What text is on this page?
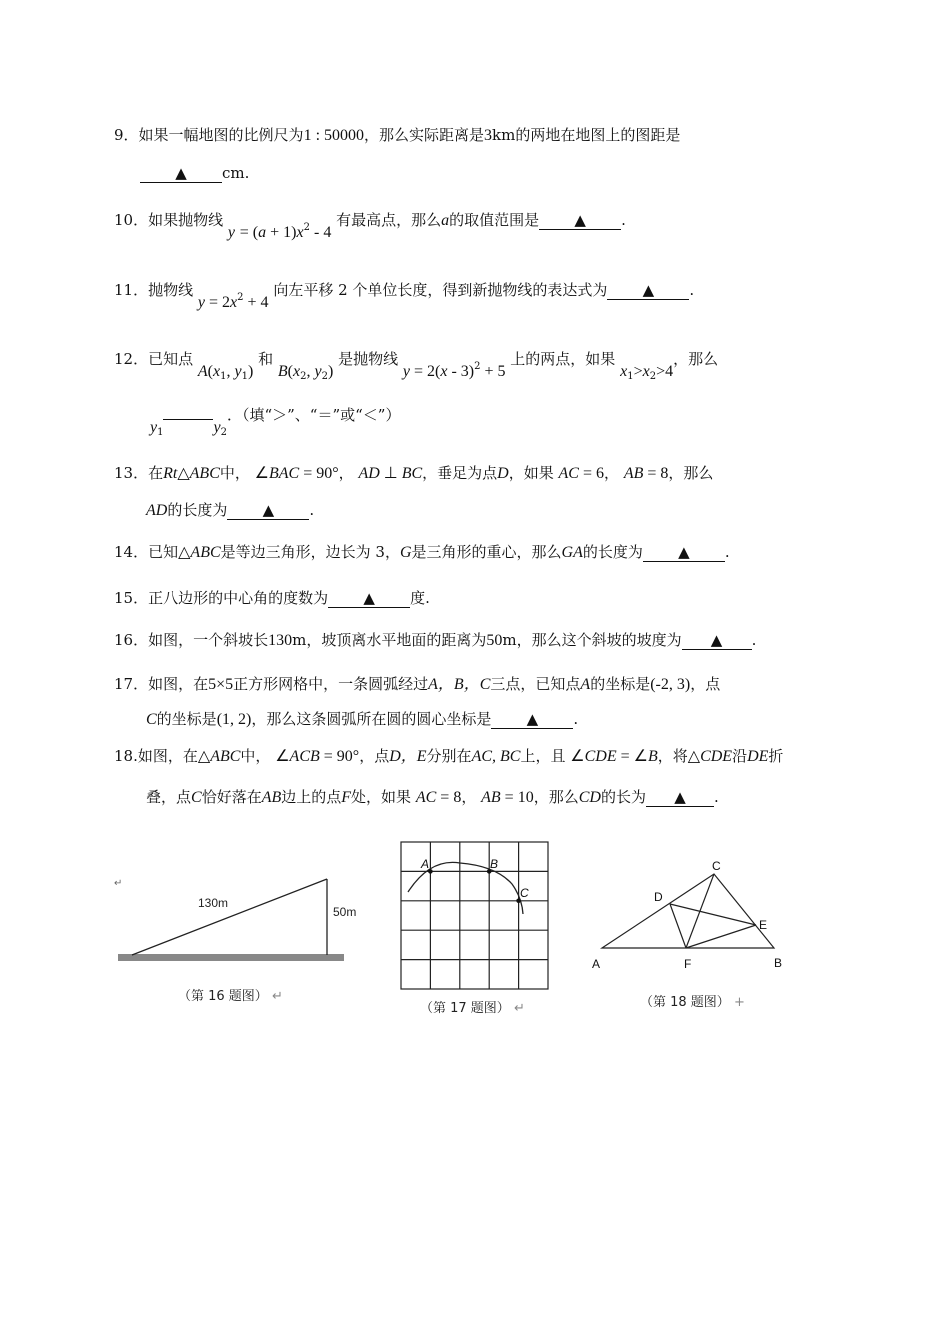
9．如果一幅地图的比例尺为1 : 50000，那么实际距离是3km的两地在地图上的图距是
▲ cm.
10．如果抛物线 $y = (a + 1)x^2 - 4$ 有最高点，那么a的取值范围是 ▲ .
11．抛物线 $y = 2x^2 + 4$ 向左平移 2 个单位长度，得到新抛物线的表达式为 ▲ .
12．已知点 $A(x_1$, $y_1$) 和 $B(x_2$, $y_2$) 是抛物线 y = 2(x - 3)$^2$ + 5 上的两点，如果 $x_1>x_2>4$，那么
$y_1$	$y_2$．（填“＞”、“＝”或“＜”）
13．在Rt△ABC中， ∠BAC = 90°， AD ⊥ BC，垂足为点D，如果 AC = 6， AB = 8，那么
AD的长度为 ▲ .
14．已知△ABC是等边三角形，边长为 3，G是三角形的重心，那么GA的长度为 ▲ .
15．正八边形的中心角的度数为 ▲ 度.
16．如图，一个斜坡长130m，坡顶离水平地面的距离为50m，那么这个斜坡的坡度为 ▲ .
17．如图，在5×5正方形网格中，一条圆弧经过A，B，C三点，已知点A的坐标是(-2, 3)，点
C的坐标是(1, 2)，那么这条圆弧所在圆的圆心坐标是 ▲ .
18.如图，在△ABC中， ∠ACB = 90°，点D，E分别在AC, BC上，且 ∠CDE = ∠B，将△CDE沿DE折
叠，点C恰好落在AB边上的点F处，如果 AC = 8， AB = 10，那么CD的长为 ▲ .
↵
130m
50m
（第 16 题图） ↵
A	B
C
（第 17 题图） ↵
C
D
E
A	F	B
（第 18 题图） +
